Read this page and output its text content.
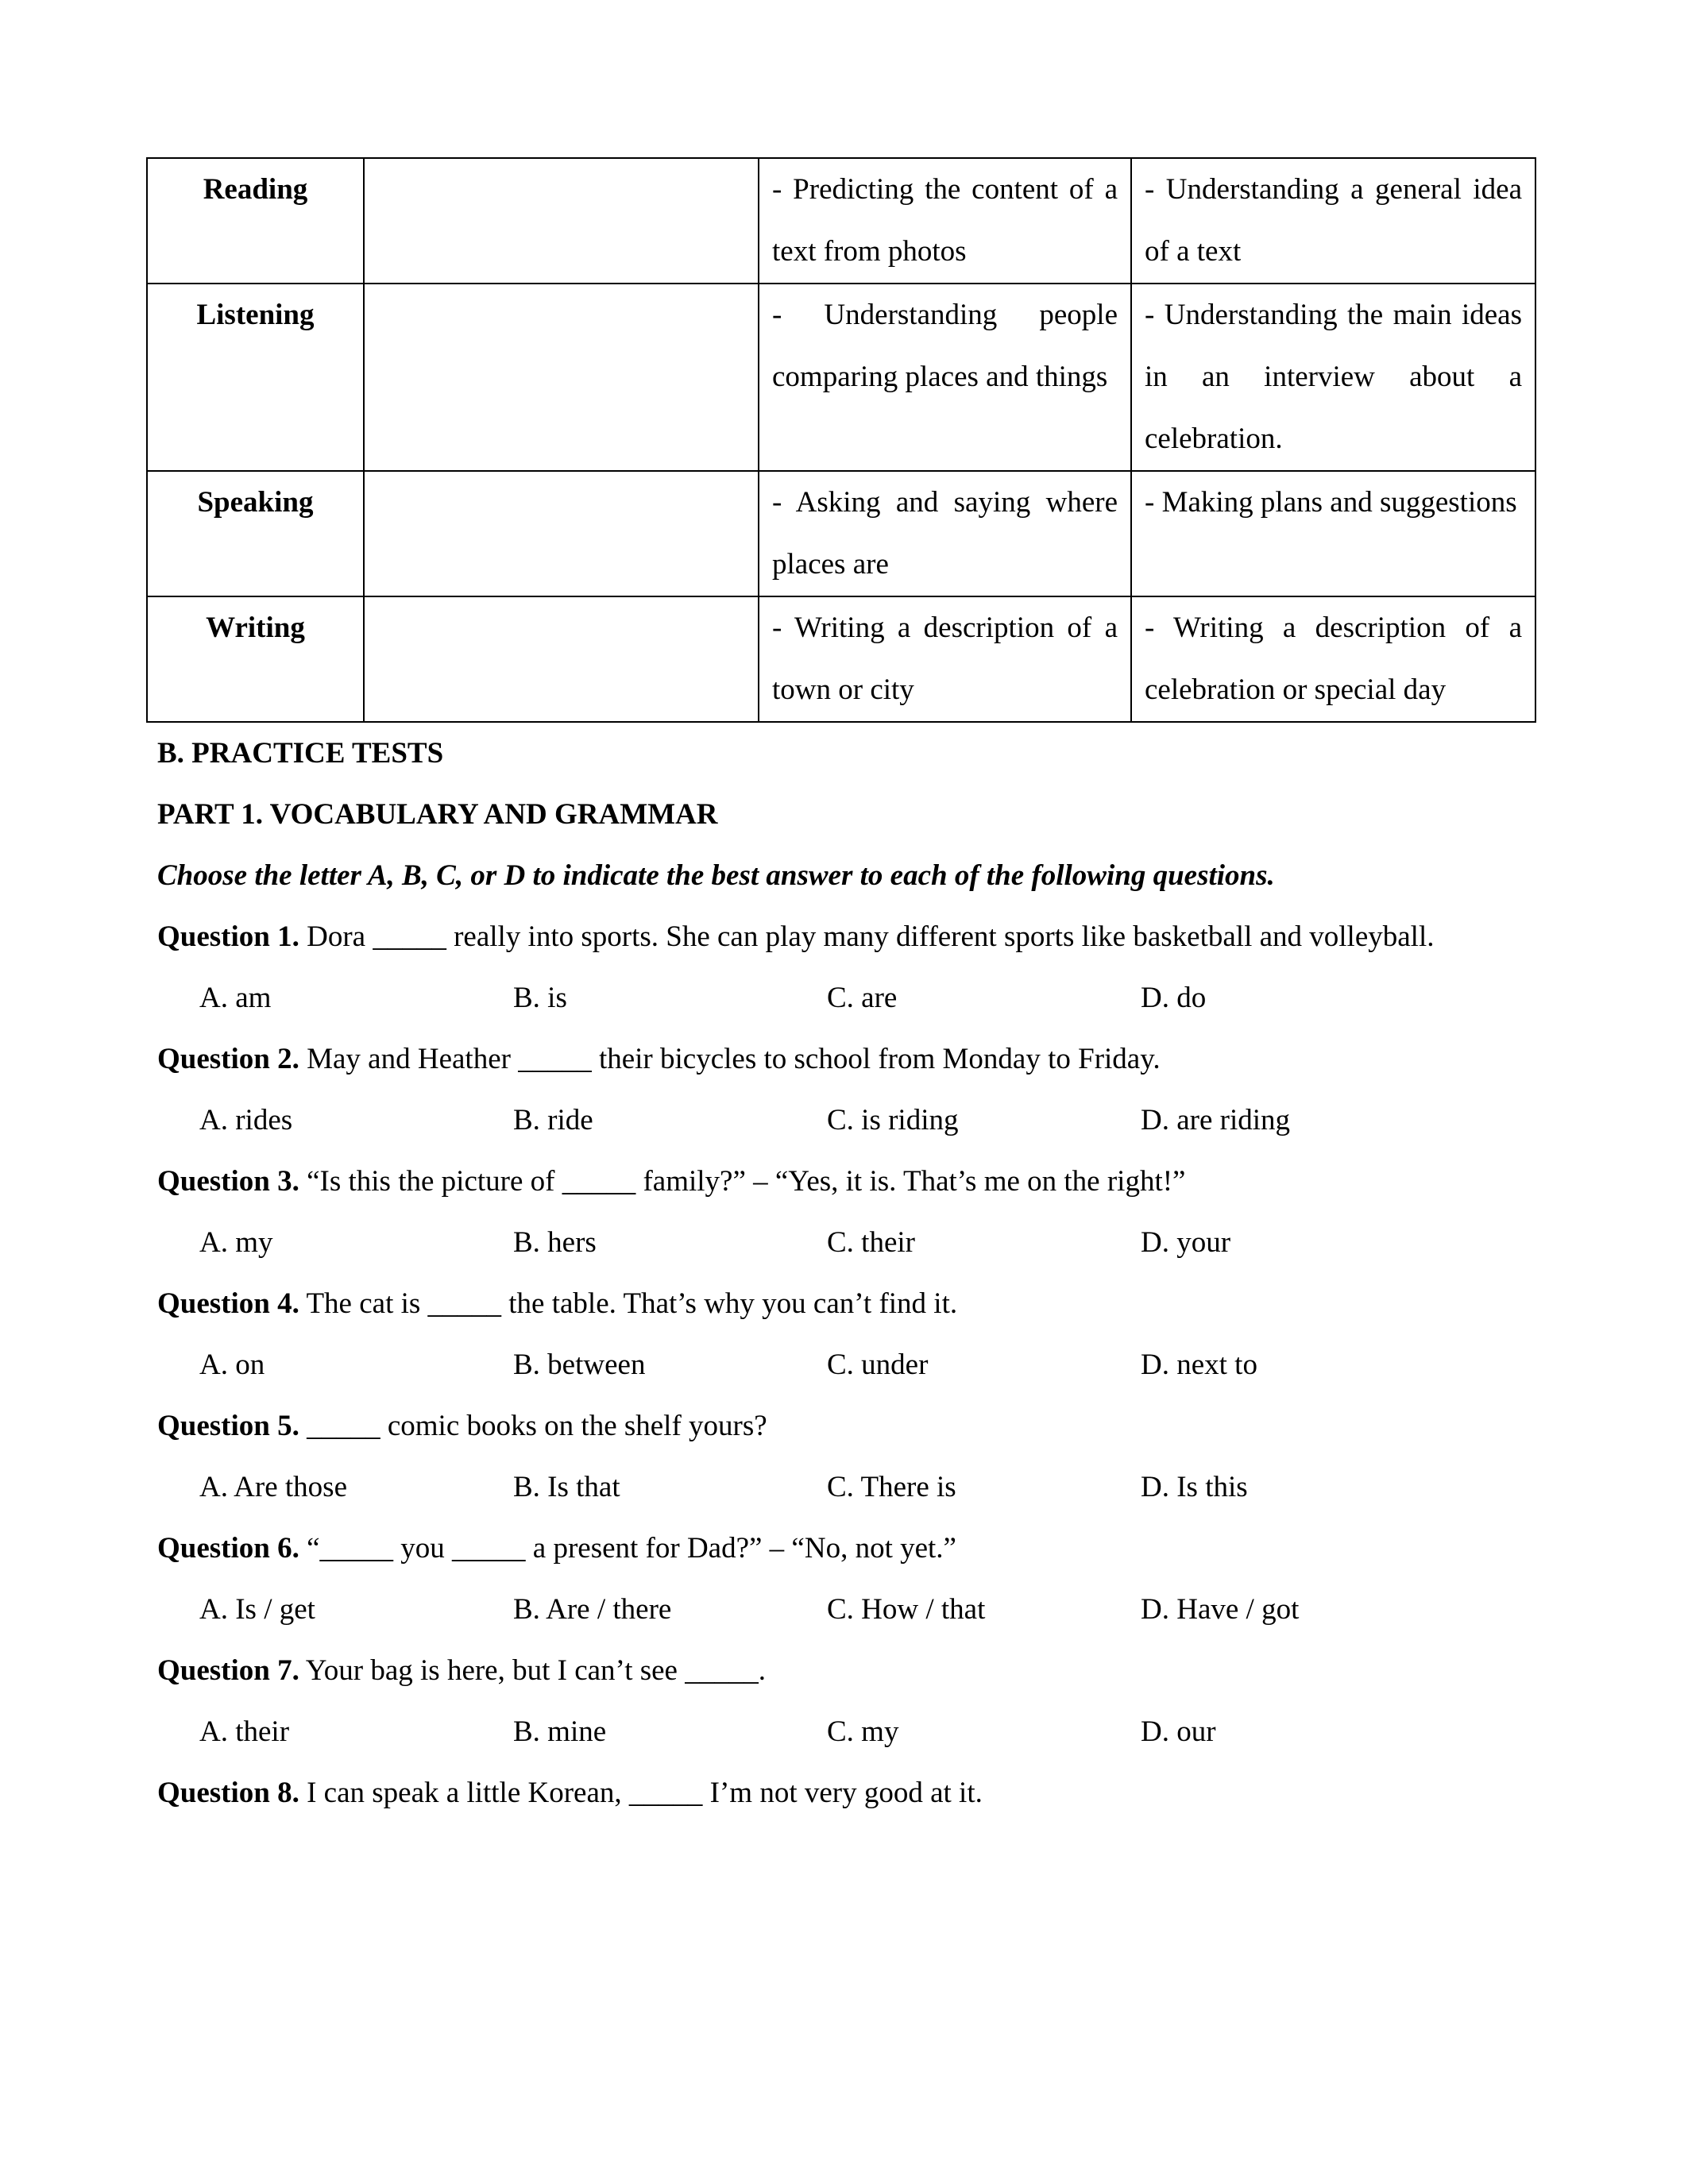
Reading		- Predicting the content of a text from photos	- Understanding a general idea of a text
Listening		- Understanding people comparing places and things	- Understanding the main ideas in an interview about a celebration.
Speaking		- Asking and saying where places are	- Making plans and suggestions
Writing		- Writing a description of a town or city	- Writing a description of a celebration or special day

B. PRACTICE TESTS

PART 1. VOCABULARY AND GRAMMAR

Choose the letter A, B, C, or D to indicate the best answer to each of the following questions.

Question 1. Dora _____ really into sports. She can play many different sports like basketball and volleyball.

A. am	B. is	C. are	D. do

Question 2. May and Heather _____ their bicycles to school from Monday to Friday.

A. rides	B. ride	C. is riding	D. are riding

Question 3. “Is this the picture of _____ family?” – “Yes, it is. That’s me on the right!”

A. my	B. hers	C. their	D. your

Question 4. The cat is _____ the table. That’s why you can’t find it.

A. on	B. between	C. under	D. next to

Question 5. _____ comic books on the shelf yours?

A. Are those	B. Is that	C. There is	D. Is this

Question 6. “_____ you _____ a present for Dad?” – “No, not yet.”

A. Is / get	B. Are / there	C. How / that	D. Have / got

Question 7. Your bag is here, but I can’t see _____.

A. their	B. mine	C. my	D. our

Question 8. I can speak a little Korean, _____ I’m not very good at it.
